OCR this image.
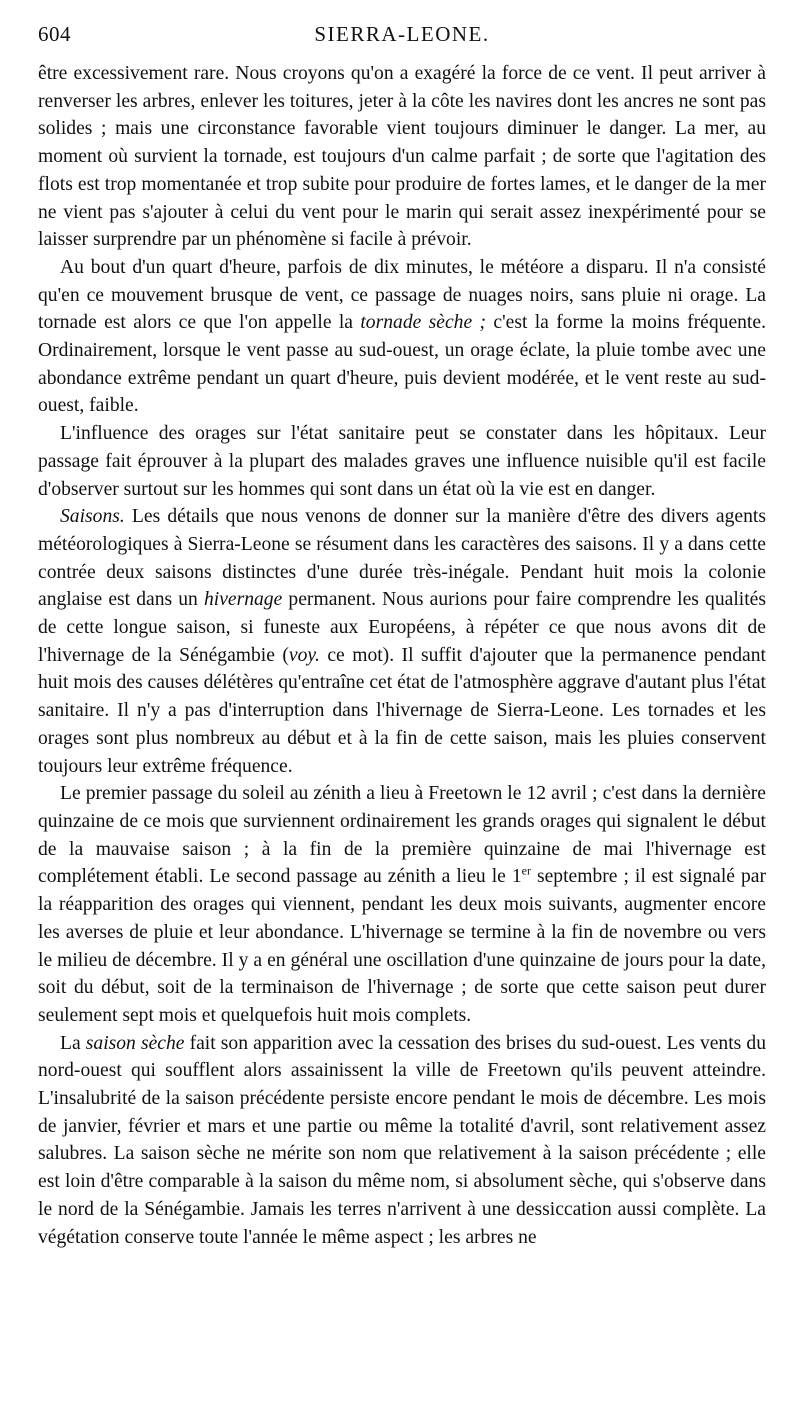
604	SIERRA-LEONE.

être excessivement rare. Nous croyons qu'on a exagéré la force de ce vent. Il peut arriver à renverser les arbres, enlever les toitures, jeter à la côte les navires dont les ancres ne sont pas solides ; mais une circonstance favorable vient toujours diminuer le danger. La mer, au moment où survient la tornade, est toujours d'un calme parfait ; de sorte que l'agitation des flots est trop momentanée et trop subite pour produire de fortes lames, et le danger de la mer ne vient pas s'ajouter à celui du vent pour le marin qui serait assez inexpérimenté pour se laisser surprendre par un phénomène si facile à prévoir.

Au bout d'un quart d'heure, parfois de dix minutes, le météore a disparu. Il n'a consisté qu'en ce mouvement brusque de vent, ce passage de nuages noirs, sans pluie ni orage. La tornade est alors ce que l'on appelle la tornade sèche ; c'est la forme la moins fréquente. Ordinairement, lorsque le vent passe au sud-ouest, un orage éclate, la pluie tombe avec une abondance extrême pendant un quart d'heure, puis devient modérée, et le vent reste au sud-ouest, faible.

L'influence des orages sur l'état sanitaire peut se constater dans les hôpitaux. Leur passage fait éprouver à la plupart des malades graves une influence nuisible qu'il est facile d'observer surtout sur les hommes qui sont dans un état où la vie est en danger.

Saisons. Les détails que nous venons de donner sur la manière d'être des divers agents météorologiques à Sierra-Leone se résument dans les caractères des saisons. Il y a dans cette contrée deux saisons distinctes d'une durée très-inégale. Pendant huit mois la colonie anglaise est dans un hivernage permanent. Nous aurions pour faire comprendre les qualités de cette longue saison, si funeste aux Européens, à répéter ce que nous avons dit de l'hivernage de la Sénégambie (voy. ce mot). Il suffit d'ajouter que la permanence pendant huit mois des causes délétères qu'entraîne cet état de l'atmosphère aggrave d'autant plus l'état sanitaire. Il n'y a pas d'interruption dans l'hivernage de Sierra-Leone. Les tornades et les orages sont plus nombreux au début et à la fin de cette saison, mais les pluies conservent toujours leur extrême fréquence.

Le premier passage du soleil au zénith a lieu à Freetown le 12 avril ; c'est dans la dernière quinzaine de ce mois que surviennent ordinairement les grands orages qui signalent le début de la mauvaise saison ; à la fin de la première quinzaine de mai l'hivernage est complétement établi. Le second passage au zénith a lieu le 1er septembre ; il est signalé par la réapparition des orages qui viennent, pendant les deux mois suivants, augmenter encore les averses de pluie et leur abondance. L'hivernage se termine à la fin de novembre ou vers le milieu de décembre. Il y a en général une oscillation d'une quinzaine de jours pour la date, soit du début, soit de la terminaison de l'hivernage ; de sorte que cette saison peut durer seulement sept mois et quelquefois huit mois complets.

La saison sèche fait son apparition avec la cessation des brises du sud-ouest. Les vents du nord-ouest qui soufflent alors assainissent la ville de Freetown qu'ils peuvent atteindre. L'insalubrité de la saison précédente persiste encore pendant le mois de décembre. Les mois de janvier, février et mars et une partie ou même la totalité d'avril, sont relativement assez salubres. La saison sèche ne mérite son nom que relativement à la saison précédente ; elle est loin d'être comparable à la saison du même nom, si absolument sèche, qui s'observe dans le nord de la Sénégambie. Jamais les terres n'arrivent à une dessiccation aussi complète. La végétation conserve toute l'année le même aspect ; les arbres ne
